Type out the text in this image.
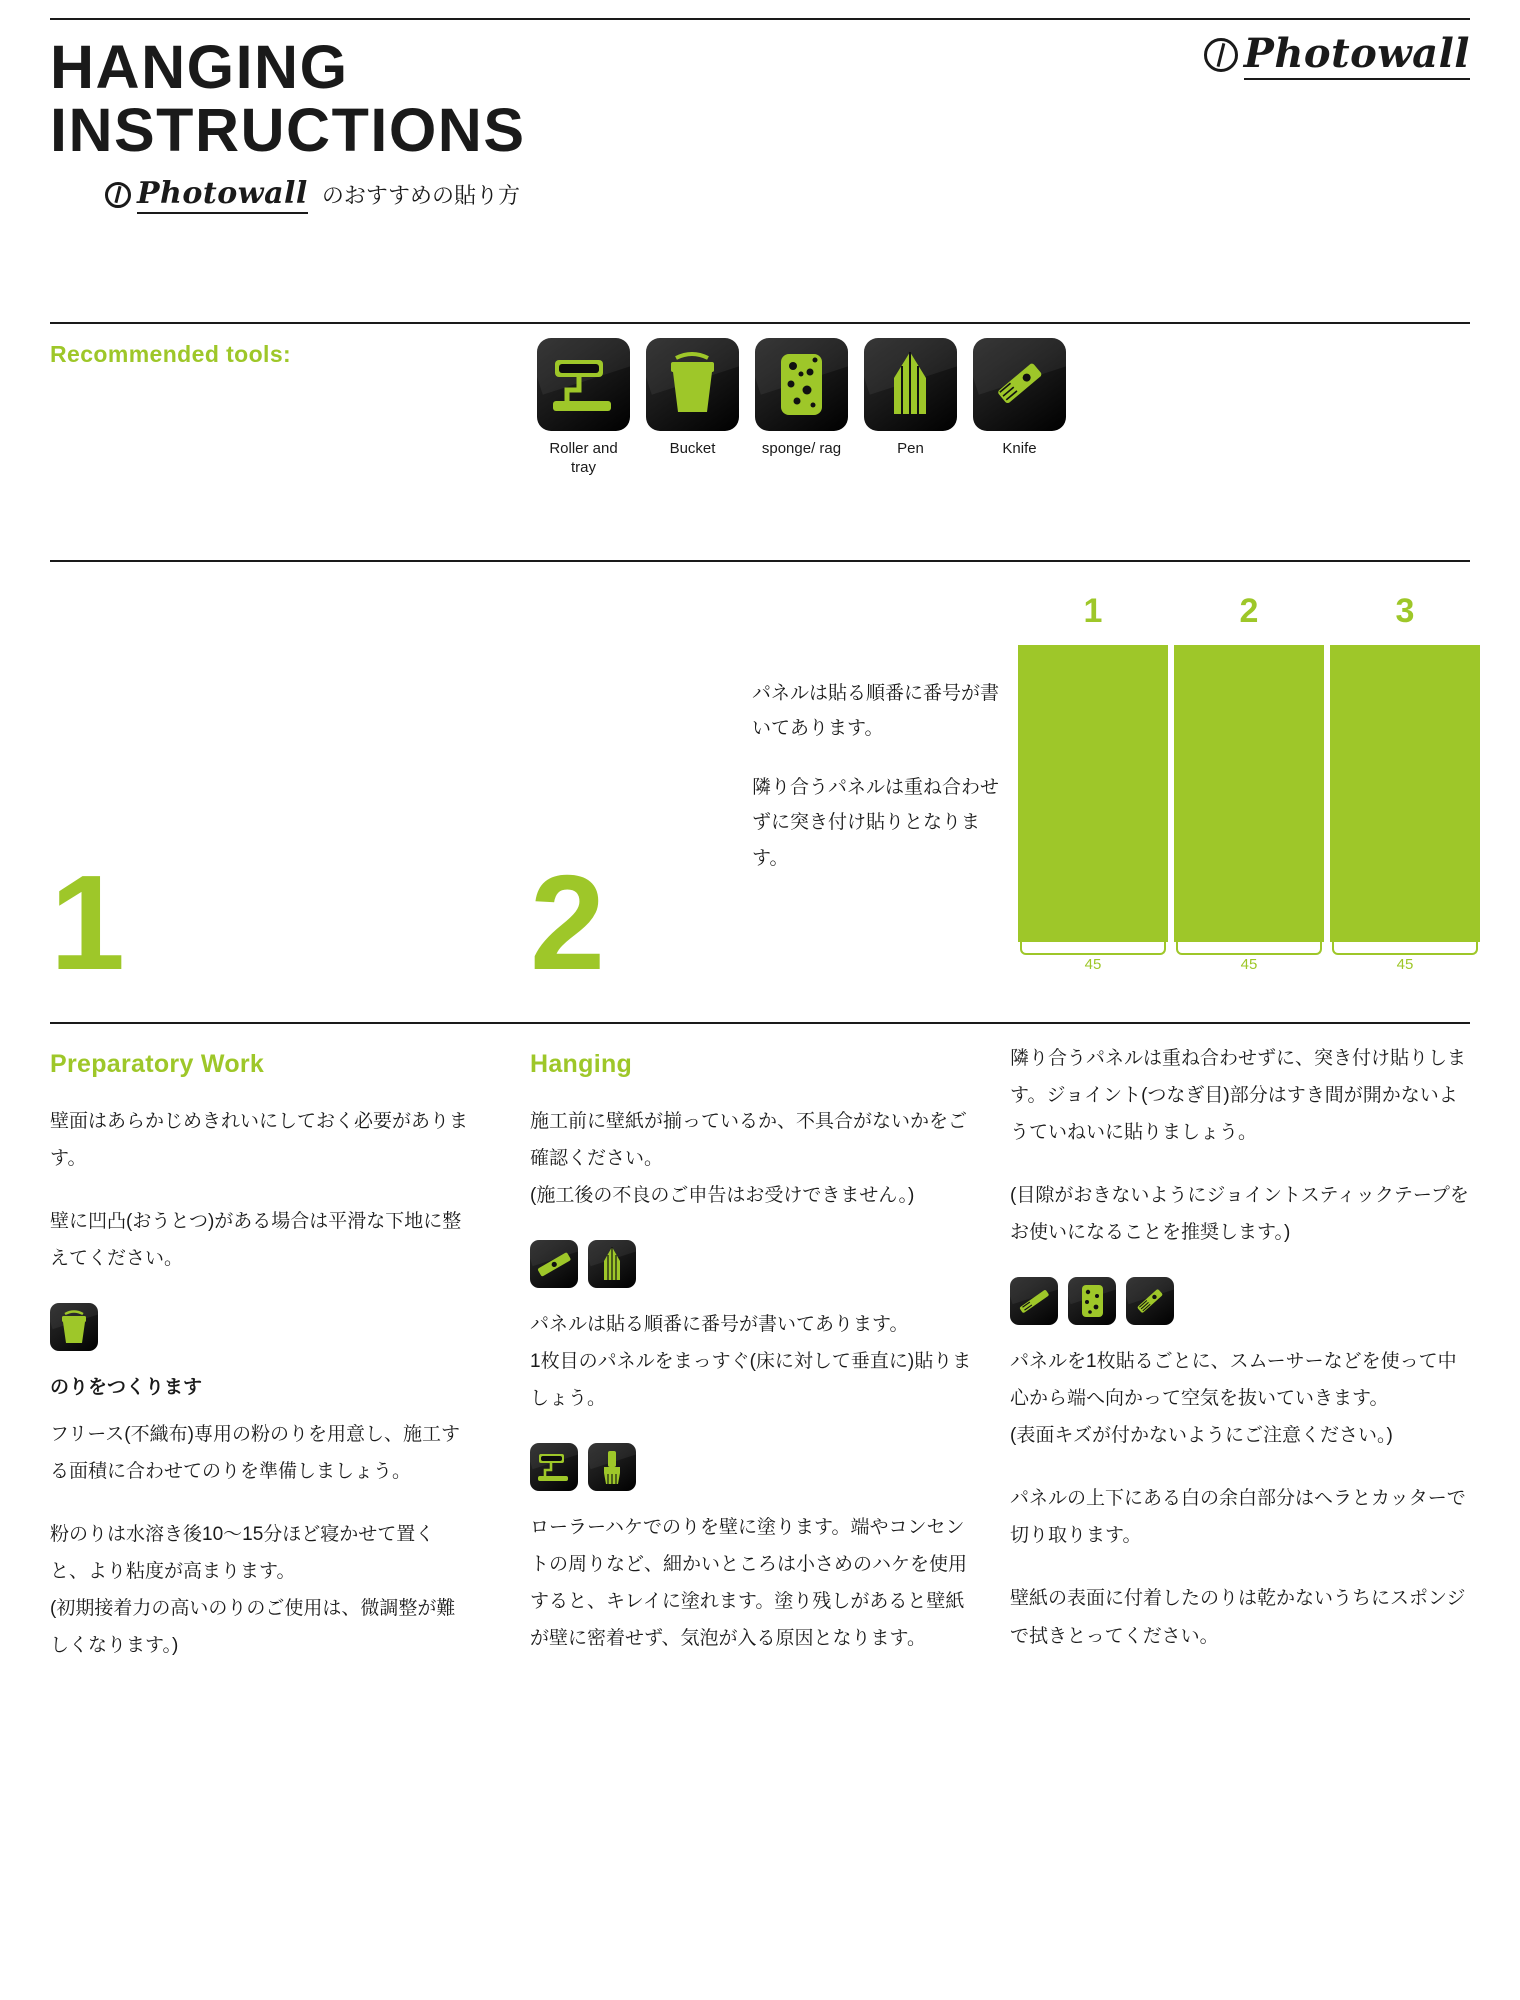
HANGING
INSTRUCTIONS
Photowall のおすすめの貼り方
Photowall
Recommended tools:
Roller and tray
Bucket	sponge/ rag	Pen	Knife

パネルは貼る順番に番号が書いてあります。

隣り合うパネルは重ね合わせずに突き付け貼りとなります。

1	2	3
45	45	45
1	2
Preparatory Work

壁面はあらかじめきれいにしておく必要があります。

壁に凹凸(おうとつ)がある場合は平滑な下地に整えてください。

のりをつくります

フリース(不織布)専用の粉のりを用意し、施工する面積に合わせてのりを準備しましょう。

粉のりは水溶き後10〜15分ほど寝かせて置くと、より粘度が高まります。

(初期接着力の高いのりのご使用は、微調整が難しくなります。)

Hanging

施工前に壁紙が揃っているか、不具合がないかをご確認ください。

(施工後の不良のご申告はお受けできません。)

パネルは貼る順番に番号が書いてあります。

1枚目のパネルをまっすぐ(床に対して垂直に)貼りましょう。

ローラーハケでのりを壁に塗ります。端やコンセントの周りなど、細かいところは小さめのハケを使用すると、キレイに塗れます。塗り残しがあると壁紙が壁に密着せず、気泡が入る原因となります。

隣り合うパネルは重ね合わせずに、突き付け貼りします。ジョイント(つなぎ目)部分はすき間が開かないようていねいに貼りましょう。

(目隙がおきないようにジョイントスティックテープをお使いになることを推奨します。)

パネルを1枚貼るごとに、スムーサーなどを使って中心から端へ向かって空気を抜いていきます。

(表面キズが付かないようにご注意ください。)

パネルの上下にある白の余白部分はヘラとカッターで切り取ります。

壁紙の表面に付着したのりは乾かないうちにスポンジで拭きとってください。
